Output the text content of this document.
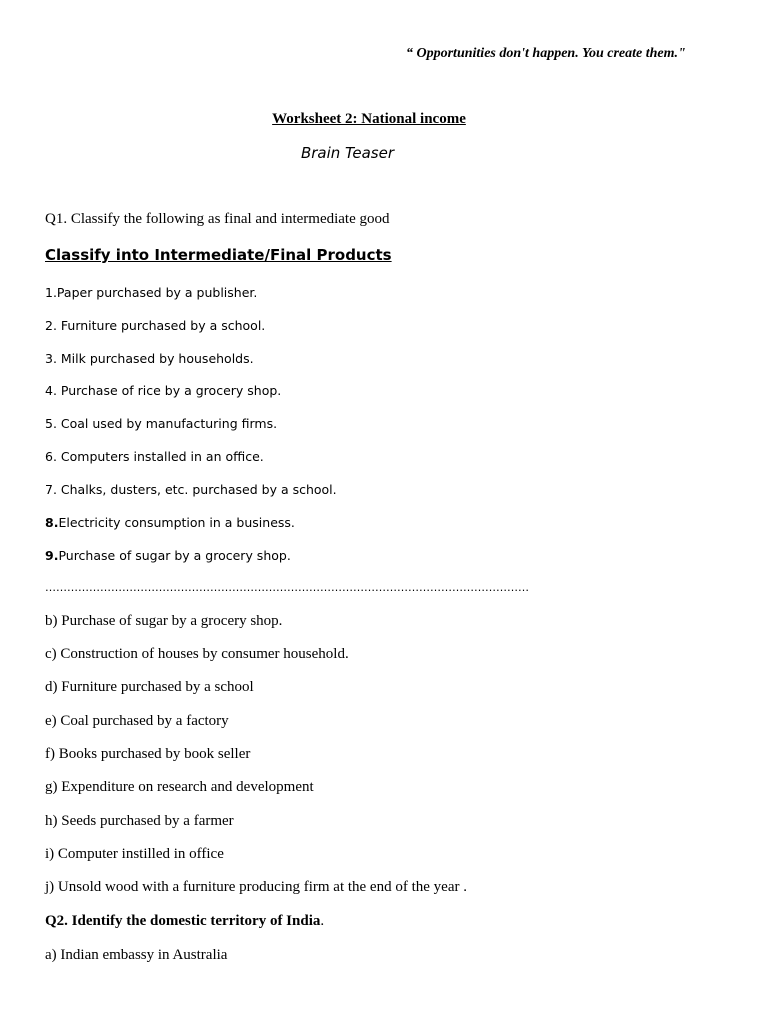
“ Opportunities don't happen. You create them."
Worksheet 2: National income
Brain Teaser
Q1. Classify the following as final and intermediate good
Classify into Intermediate/Final Products
1.Paper purchased by a publisher.
2. Furniture purchased by a school.
3. Milk purchased by households.
4. Purchase of rice by a grocery shop.
5. Coal used by manufacturing firms.
6. Computers installed in an office.
7. Chalks, dusters, etc. purchased by a school.
8.Electricity consumption in a business.
9.Purchase of sugar by a grocery shop.
……………………………………………………………………………………………………………………
b) Purchase of sugar by a grocery shop.
c) Construction of houses by consumer household.
d) Furniture purchased by a school
e) Coal purchased by a factory
f) Books purchased by book seller
g) Expenditure on research and development
h) Seeds purchased by a farmer
i) Computer instilled in office
j) Unsold wood with a furniture producing firm at the end of the year .
Q2. Identify the domestic territory of India.
a) Indian embassy in Australia
